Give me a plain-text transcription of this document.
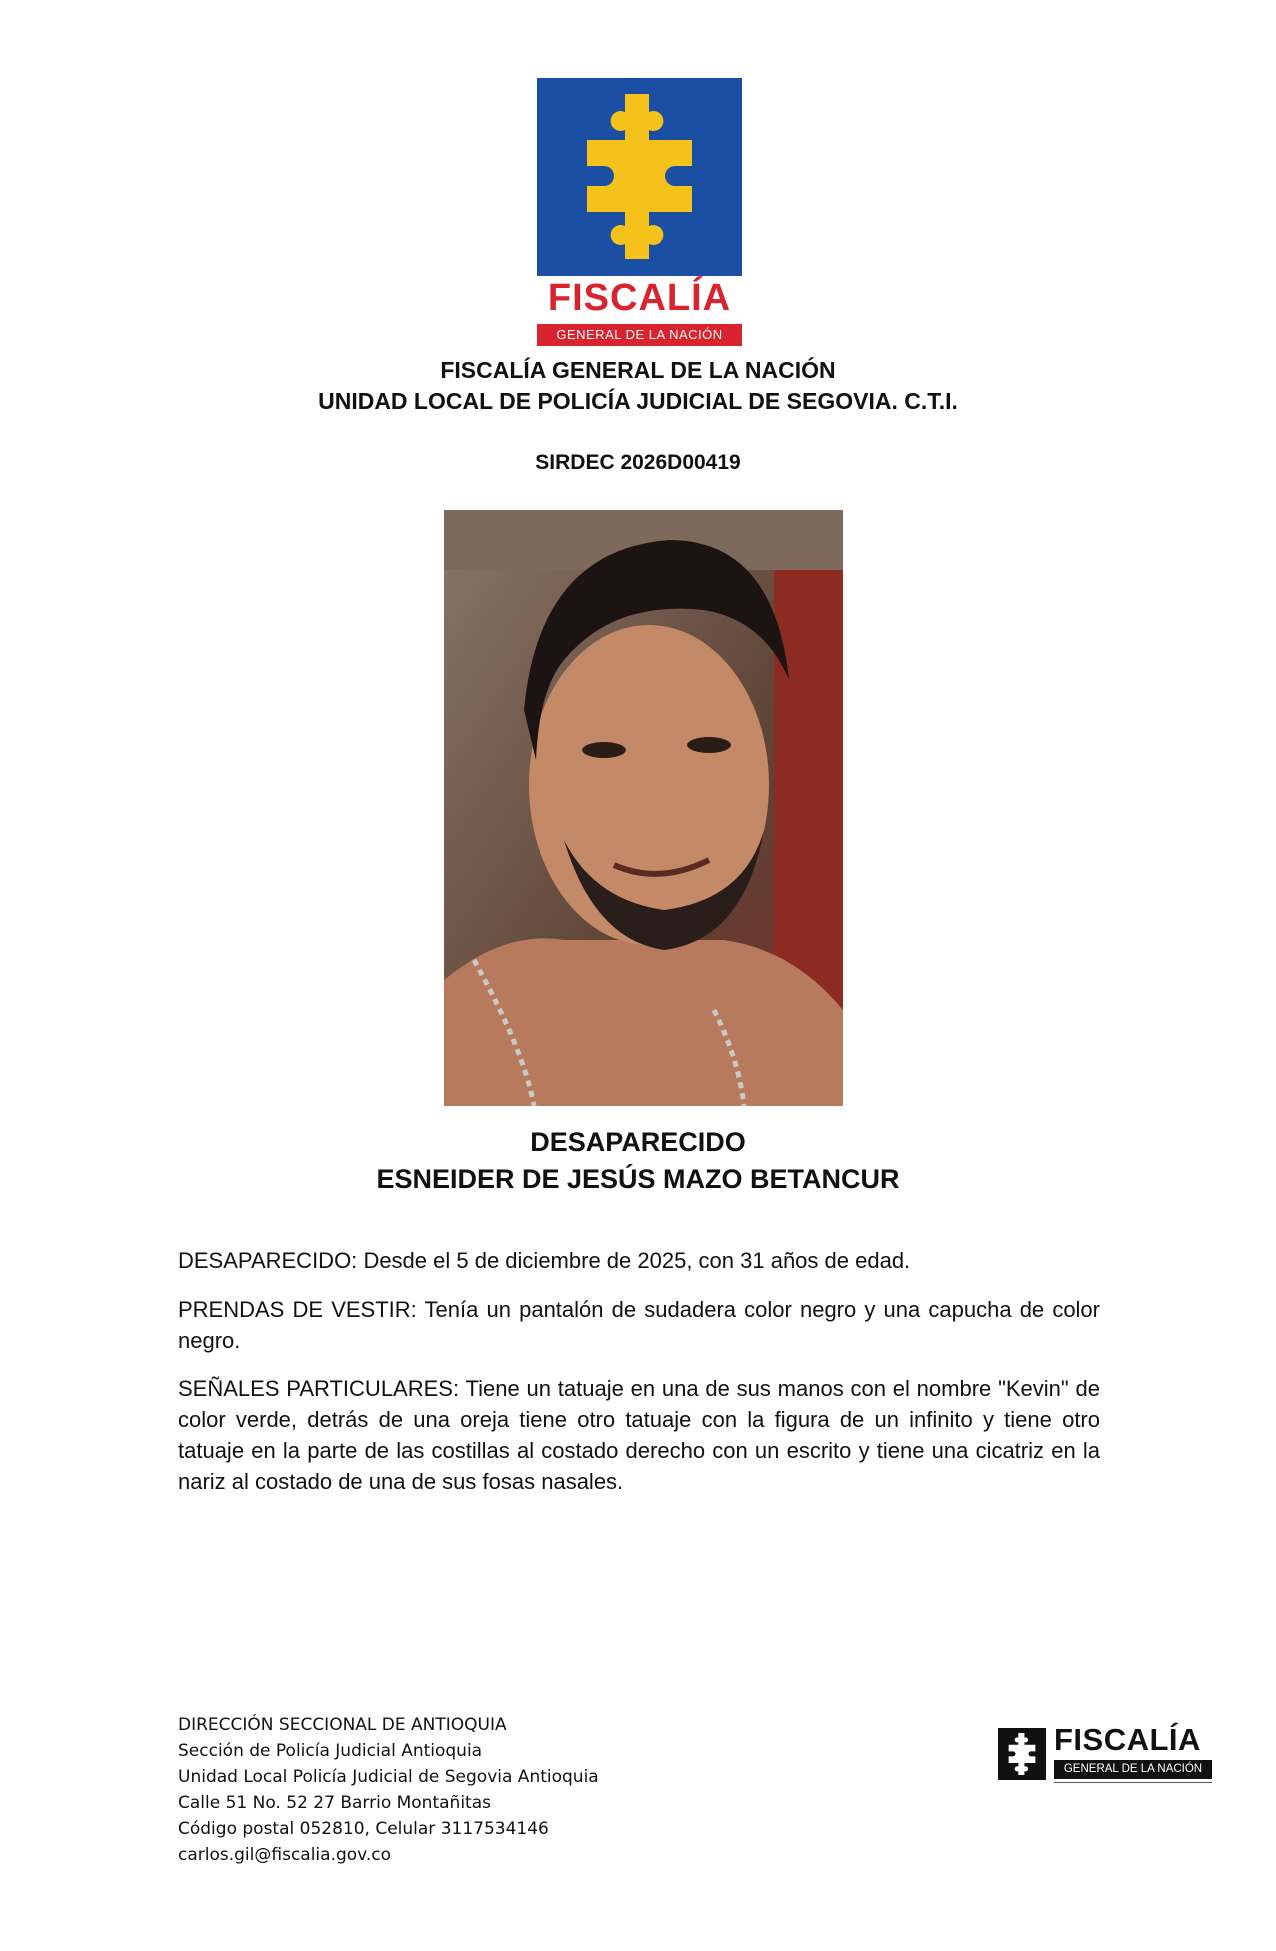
FISCALÍA
GENERAL DE LA NACIÓN

FISCALÍA GENERAL DE LA NACIÓN

UNIDAD LOCAL DE POLICÍA JUDICIAL DE SEGOVIA. C.T.I.

SIRDEC 2026D00419

DESAPARECIDO

ESNEIDER DE JESÚS MAZO BETANCUR

DESAPARECIDO: Desde el 5 de diciembre de 2025, con 31 años de edad.

PRENDAS DE VESTIR: Tenía un pantalón de sudadera color negro y una capucha de color negro.

SEÑALES PARTICULARES: Tiene un tatuaje en una de sus manos con el nombre "Kevin" de color verde, detrás de una oreja tiene otro tatuaje con la figura de un infinito y tiene otro tatuaje en la parte de las costillas al costado derecho con un escrito y tiene una cicatriz en la nariz al costado de una de sus fosas nasales.

DIRECCIÓN SECCIONAL DE ANTIOQUIA
Sección de Policía Judicial Antioquia
Unidad Local Policía Judicial de Segovia Antioquia
Calle 51 No. 52 27 Barrio Montañitas
Código postal 052810, Celular 3117534146
carlos.gil@fiscalia.gov.co
FISCALÍA
GENERAL DE LA NACIÓN
